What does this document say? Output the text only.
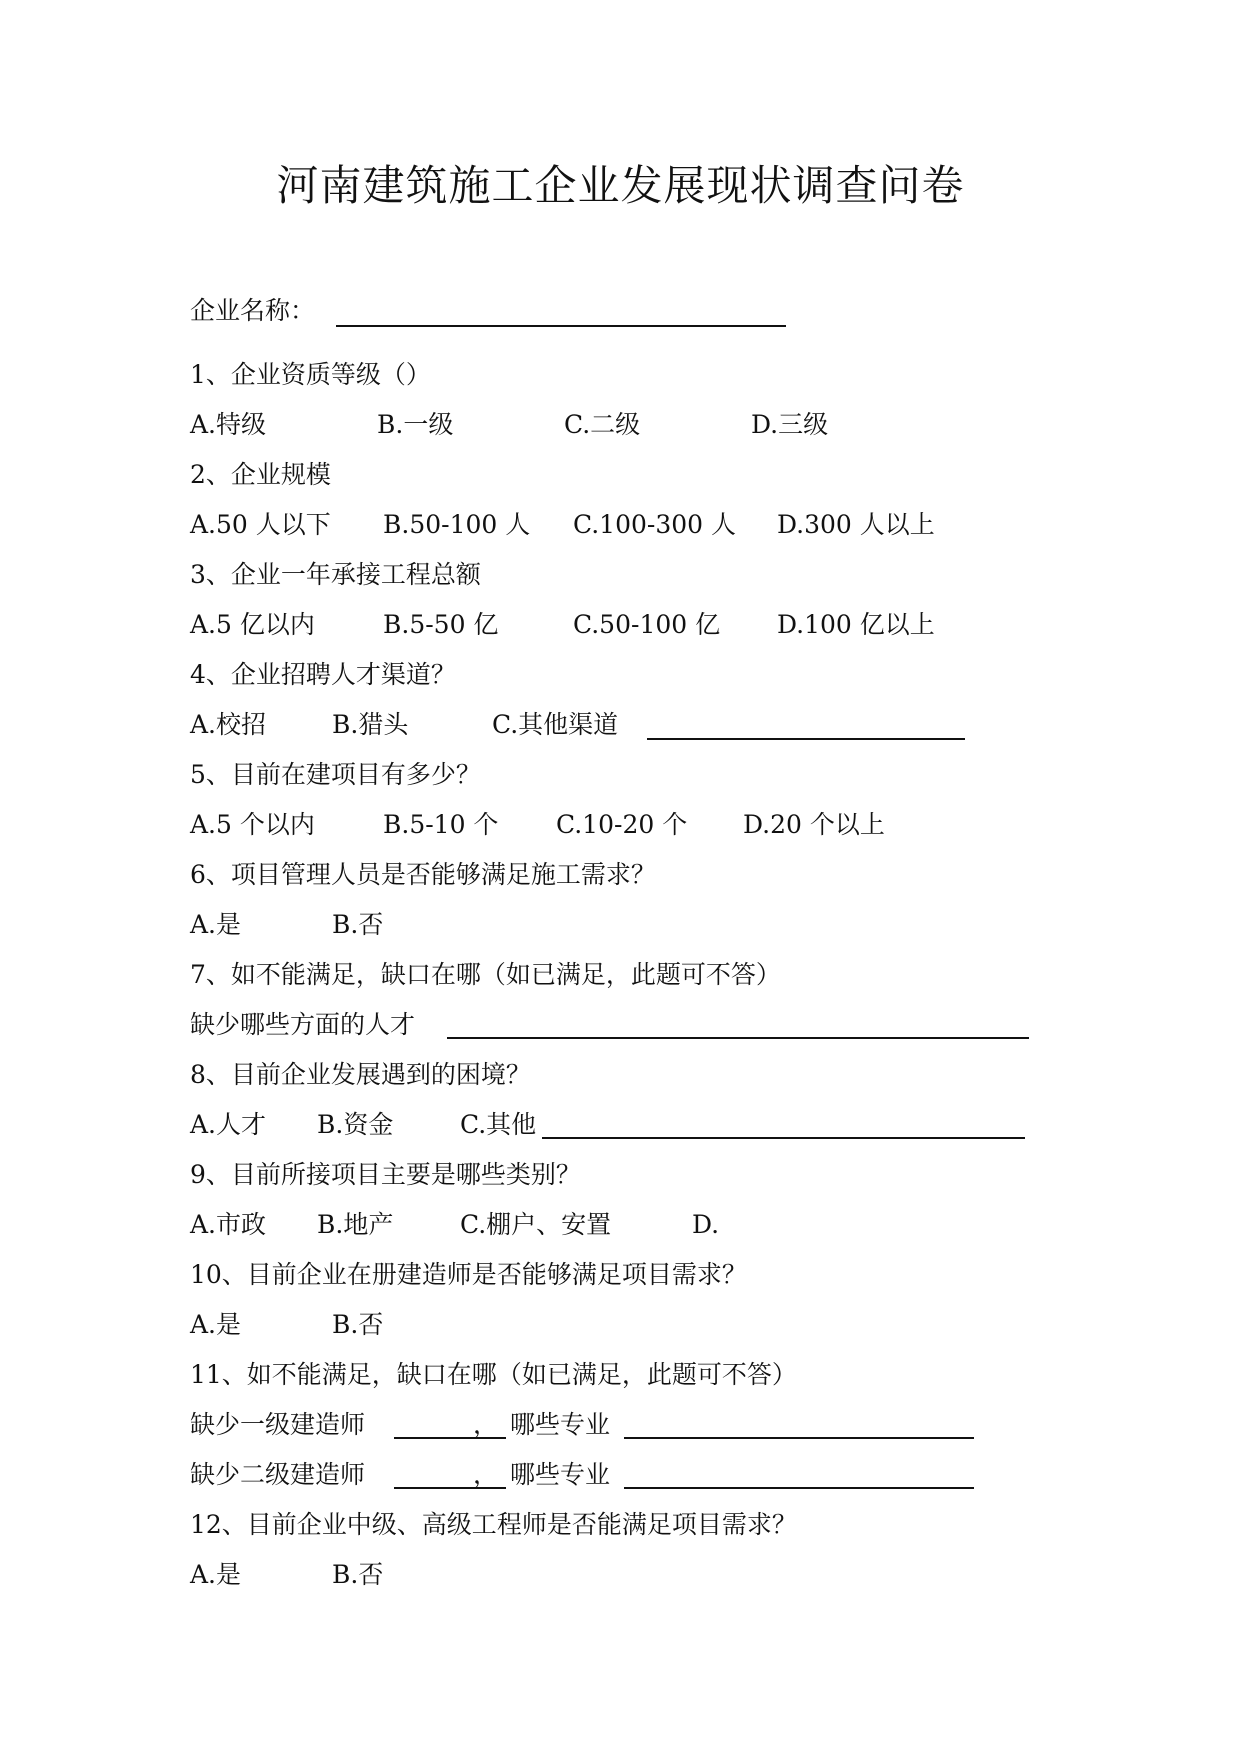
河南建筑施工企业发展现状调查问卷
企业名称：
1、企业资质等级（）
A.特级	B.一级	C.二级	D.三级
2、企业规模
A.50 人以下 B.50-100 人 C.100-300 人 D.300 人以上
3、企业一年承接工程总额
A.5 亿以内	B.5-50 亿	C.50-100 亿 D.100 亿以上
4、企业招聘人才渠道？
A.校招	B.猎头	C.其他渠道
5、目前在建项目有多少？
A.5 个以内	B.5-10 个 C.10-20 个 D.20 个以上
6、项目管理人员是否能够满足施工需求？
A.是	B.否
7、如不能满足，缺口在哪（如已满足，此题可不答）
缺少哪些方面的人才
8、目前企业发展遇到的困境？
A.人才 B.资金	C.其他
9、目前所接项目主要是哪些类别？
A.市政 B.地产	C.棚户、安置	D.
10、目前企业在册建造师是否能够满足项目需求？
A.是	B.否
11、如不能满足，缺口在哪（如已满足，此题可不答）
缺少一级建造师	， 哪些专业
缺少二级建造师	， 哪些专业
12、目前企业中级、高级工程师是否能满足项目需求？
A.是	B.否
